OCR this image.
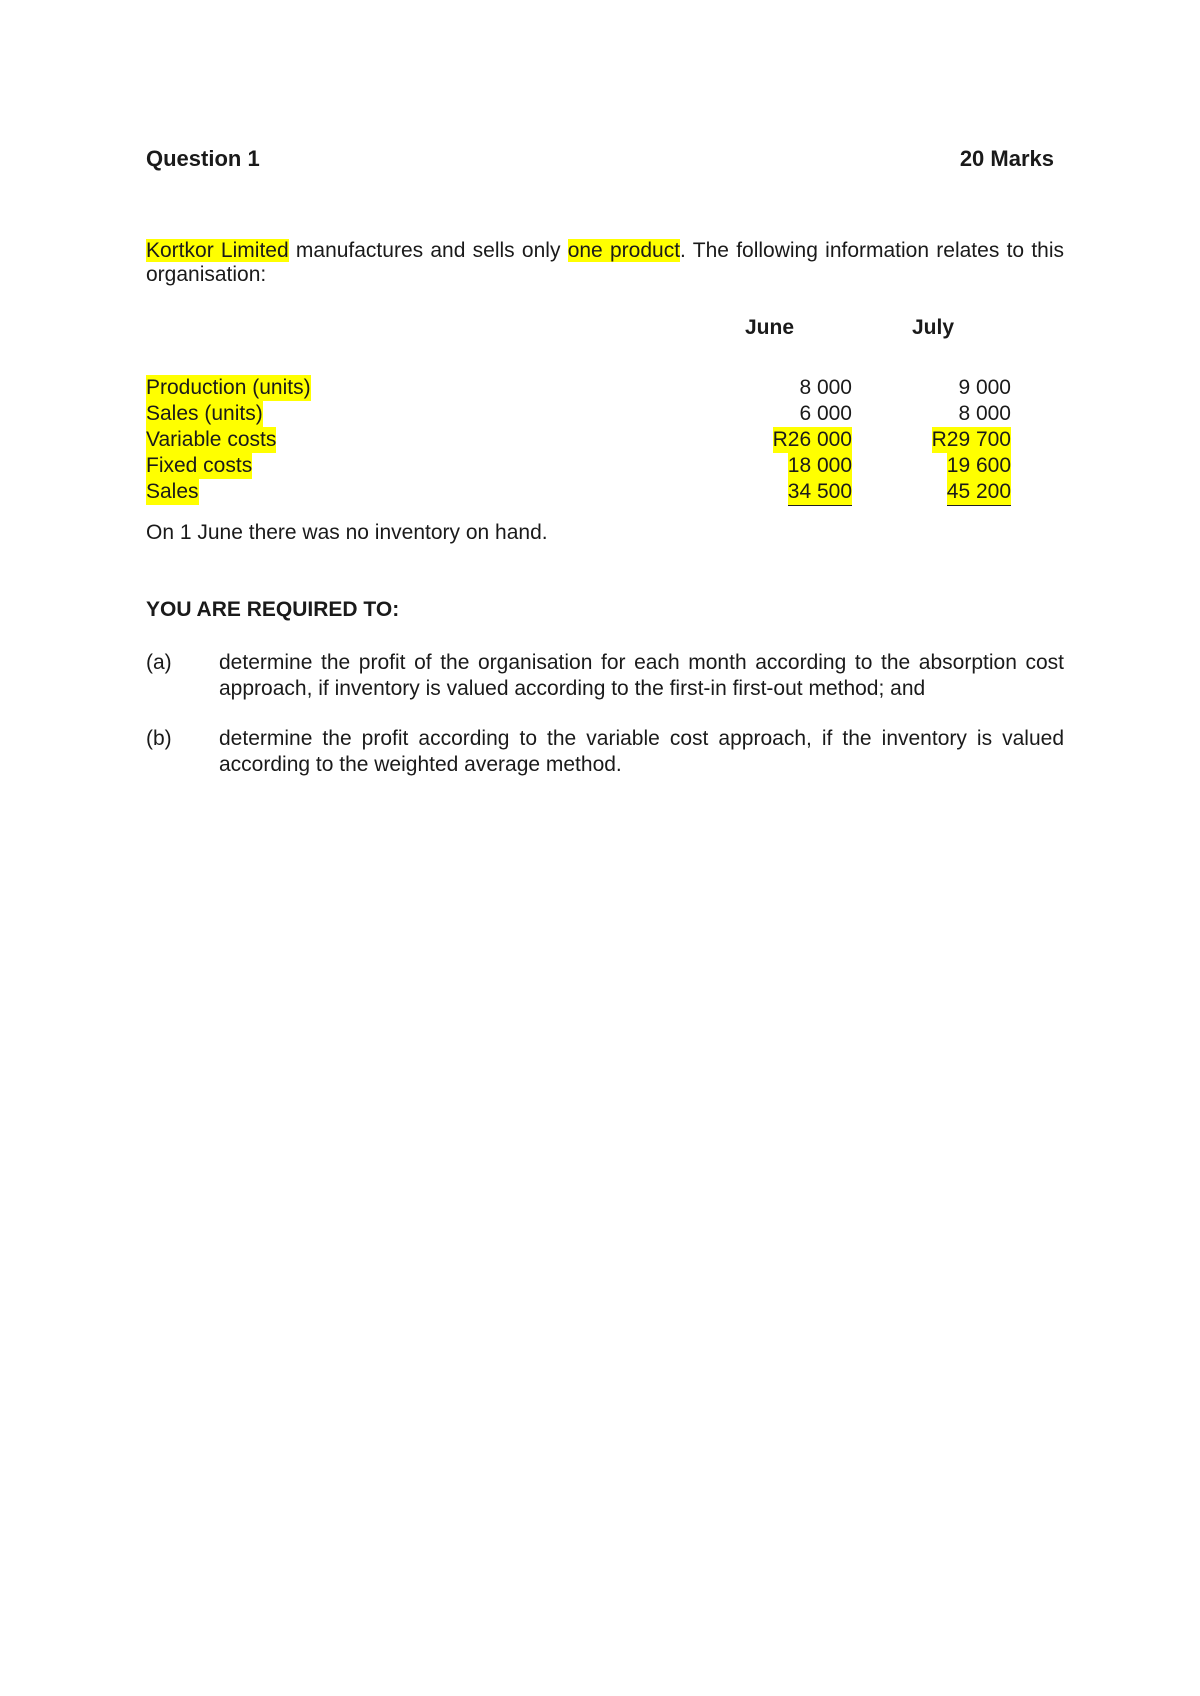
Question 1	20 Marks
Kortkor Limited manufactures and sells only one product. The following information relates to this organisation:
June	July
Production (units)	8 000	9 000
Sales (units)	6 000	8 000
Variable costs	R26 000	R29 700
Fixed costs	18 000	19 600
Sales	34 500	45 200
On 1 June there was no inventory on hand.
YOU ARE REQUIRED TO:
(a) determine the profit of the organisation for each month according to the absorption cost approach, if inventory is valued according to the first-in first-out method; and
(b) determine the profit according to the variable cost approach, if the inventory is valued according to the weighted average method.
